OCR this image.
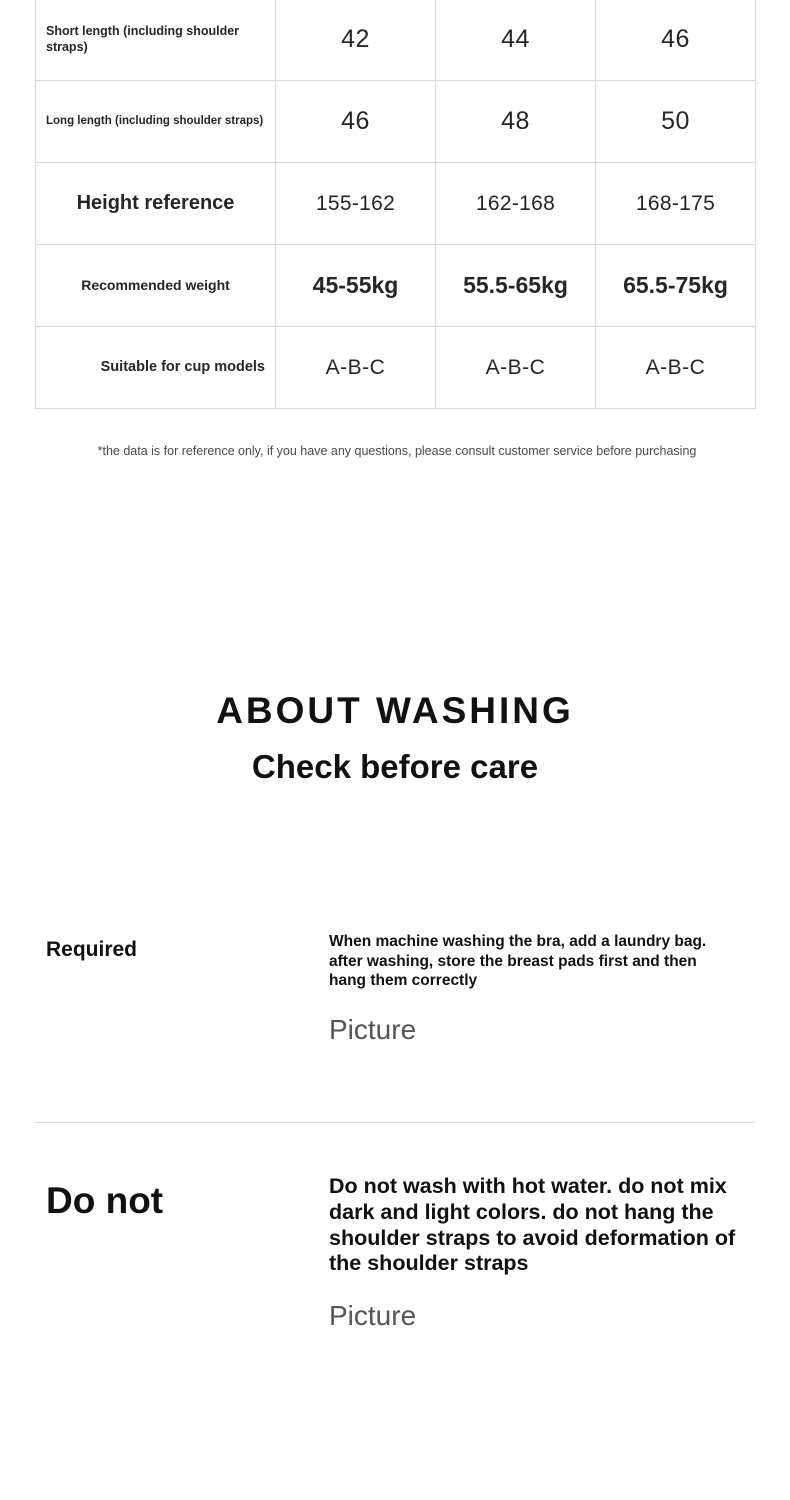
Short length (including shoulder straps)	42	44	46
Long length (including shoulder straps)	46	48	50
Height reference	155-162	162-168	168-175
Recommended weight	45-55kg	55.5-65kg	65.5-75kg
Suitable for cup models	A-B-C	A-B-C	A-B-C
*the data is for reference only, if you have any questions, please consult customer service before purchasing
ABOUT WASHING
Check before care
Required	When machine washing the bra, add a laundry bag. after washing, store the breast pads first and then hang them correctly
Picture
Do not	Do not wash with hot water. do not mix dark and light colors. do not hang the shoulder straps to avoid deformation of the shoulder straps
Picture
